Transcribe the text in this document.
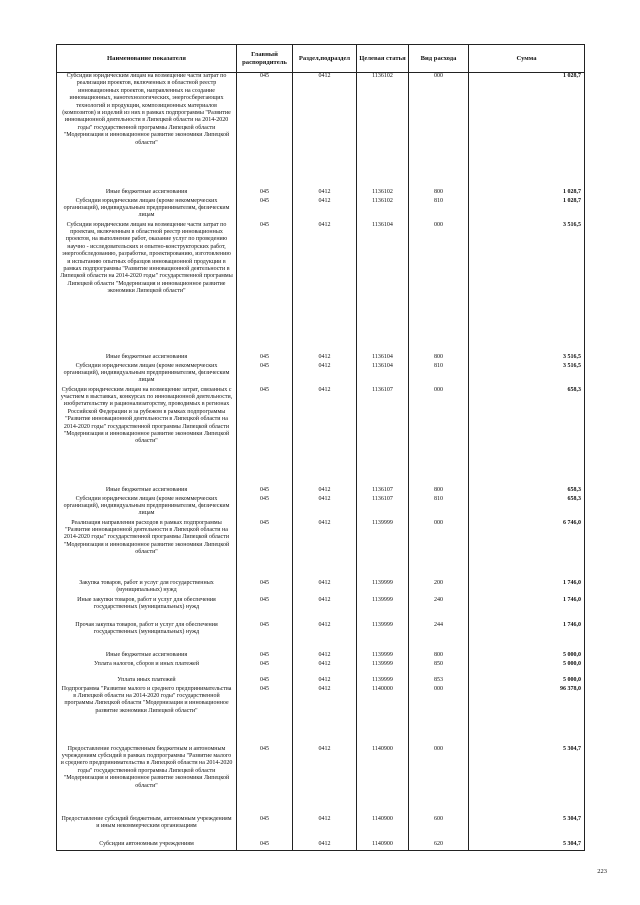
Наименование показателя	Главный распорядитель	Раздел,подраздел	Целевая статья	Вид расхода	Сумма
Субсидии юридическим лицам на возмещение части затрат по реализации проектов, включенных в областной реестр инновационных проектов, направленных на создание инновационных, нанотехнологических, энергосберегающих технологий и продукции, композиционных материалов (композитов) и изделий из них в рамках подпрограммы "Развитие инновационной деятельности в Липецкой области на 2014-2020 годы" государственной программы Липецкой области "Модернизация и инновационное развитие экономики Липецкой области"	045	0412	1136102	000	1 028,7
Иные бюджетные ассигнования	045	0412	1136102	800	1 028,7
Субсидии юридическим лицам (кроме некоммерческих организаций), индивидуальным предпринимателям, физическим лицам	045	0412	1136102	810	1 028,7
Субсидии юридическим лицам на возмещение части затрат по проектам, включенным в областной реестр инновационных проектов, на выполнение работ, оказание услуг по проведению научно - исследовательских и опытно-конструкторских работ, энергообследованию, разработке, проектированию, изготовлению и испытанию опытных образцов инновационной продукции в рамках подпрограммы "Развитие инновационной деятельности в Липецкой области на 2014-2020 годы" государственной программы Липецкой области "Модернизация и инновационное развитие экономики Липецкой области"	045	0412	1136104	000	3 516,5
Иные бюджетные ассигнования	045	0412	1136104	800	3 516,5
Субсидии юридическим лицам (кроме некоммерческих организаций), индивидуальным предпринимателям, физическим лицам	045	0412	1136104	810	3 516,5
Субсидии юридическим лицам на возмещение затрат, связанных с участием в выставках, конкурсах по инновационной деятельности, изобретательству и рационализаторству, проводимых в регионах Российской Федерации и за рубежом в рамках подпрограммы "Развитие инновационной деятельности в Липецкой области на 2014-2020 годы" государственной программы Липецкой области "Модернизация и инновационное развитие экономики Липецкой области"	045	0412	1136107	000	658,3
Иные бюджетные ассигнования	045	0412	1136107	800	658,3
Субсидии юридическим лицам (кроме некоммерческих организаций), индивидуальным предпринимателям, физическим лицам	045	0412	1136107	810	658,3
Реализация направления расходов в рамках подпрограммы "Развитие инновационной деятельности в Липецкой области на 2014-2020 годы" государственной программы Липецкой области "Модернизация и инновационное развитие экономики Липецкой области"	045	0412	1139999	000	6 746,0
Закупка товаров, работ и услуг для государственных (муниципальных) нужд	045	0412	1139999	200	1 746,0
Иные закупки товаров, работ и услуг для обеспечения государственных (муниципальных) нужд	045	0412	1139999	240	1 746,0
Прочая закупка товаров, работ и услуг для обеспечения государственных (муниципальных) нужд	045	0412	1139999	244	1 746,0
Иные бюджетные ассигнования	045	0412	1139999	800	5 000,0
Уплата налогов, сборов и иных платежей	045	0412	1139999	850	5 000,0
Уплата иных платежей	045	0412	1139999	853	5 000,0
Подпрограмма "Развитие малого и среднего предпринимательства в Липецкой области на 2014-2020 годы" государственной программы Липецкой области "Модернизация и инновационное развитие экономики Липецкой области"	045	0412	1140000	000	96 378,0
Предоставление государственным бюджетным и автономным учреждениям субсидий в рамках подпрограммы "Развитие малого и среднего предпринимательства в Липецкой области на 2014-2020 годы" государственной программы Липецкой области "Модернизация и инновационное развитие экономики Липецкой области"	045	0412	1140900	000	5 304,7
Предоставление субсидий бюджетным, автономным учреждениям и иным некоммерческим организациям	045	0412	1140900	600	5 304,7
Субсидии автономным учреждениям	045	0412	1140900	620	5 304,7
223
